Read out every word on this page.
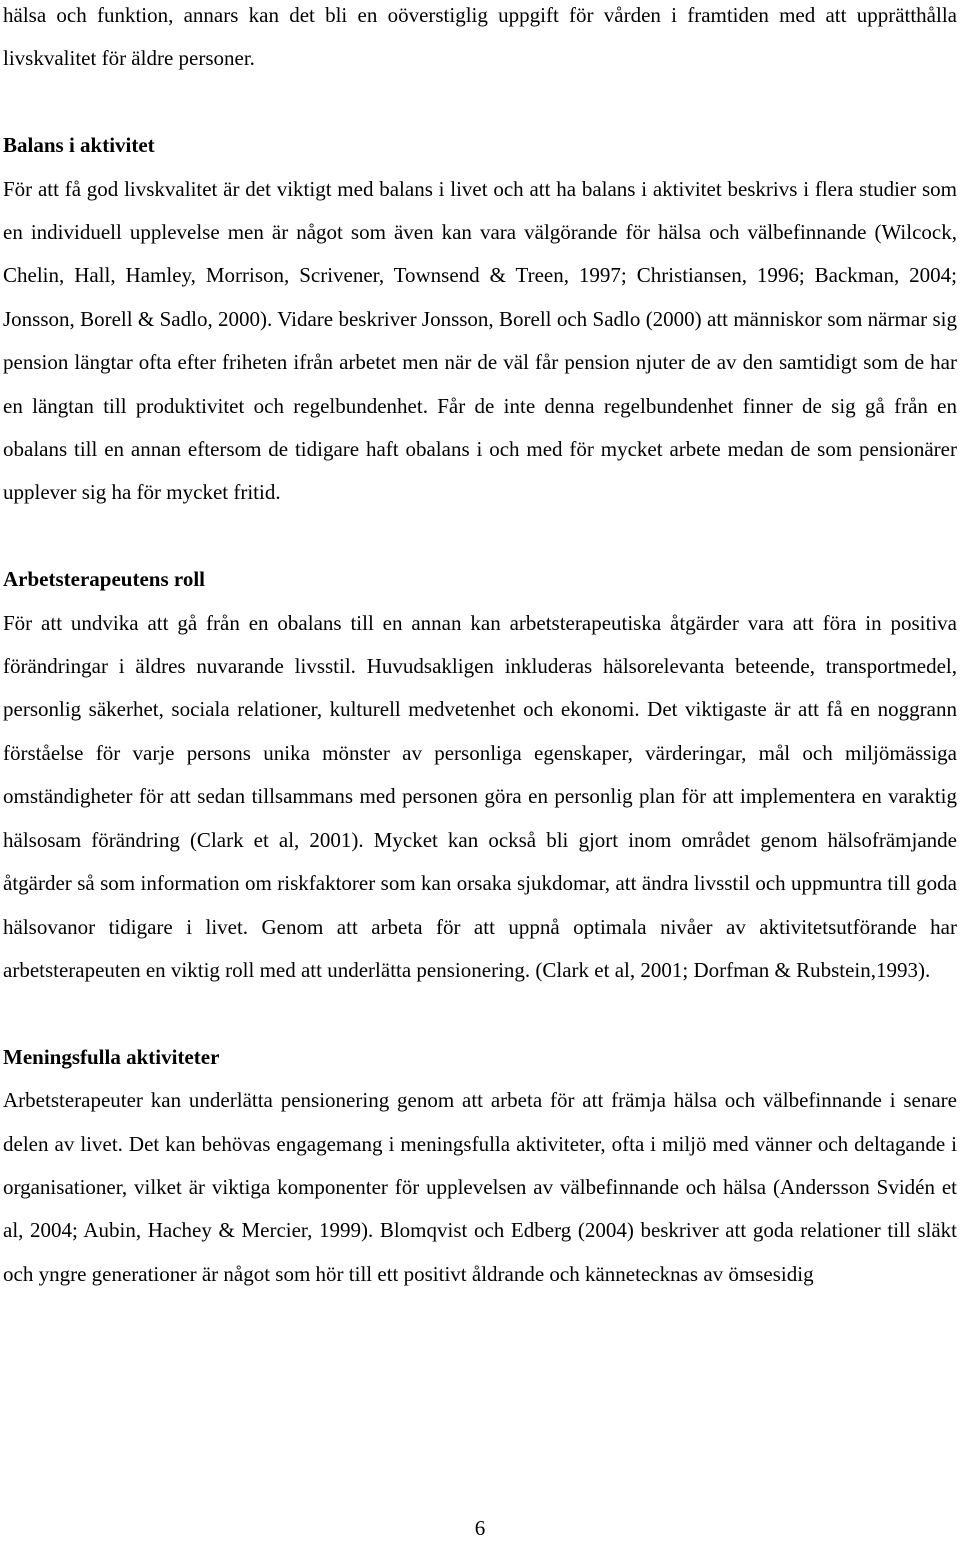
hälsa och funktion, annars kan det bli en oöverstiglig uppgift för vården i framtiden med att upprätthålla livskvalitet för äldre personer.

Balans i aktivitet

För att få god livskvalitet är det viktigt med balans i livet och att ha balans i aktivitet beskrivs i flera studier som en individuell upplevelse men är något som även kan vara välgörande för hälsa och välbefinnande (Wilcock, Chelin, Hall, Hamley, Morrison, Scrivener, Townsend & Treen, 1997; Christiansen, 1996; Backman, 2004; Jonsson, Borell & Sadlo, 2000). Vidare beskriver Jonsson, Borell och Sadlo (2000) att människor som närmar sig pension längtar ofta efter friheten ifrån arbetet men när de väl får pension njuter de av den samtidigt som de har en längtan till produktivitet och regelbundenhet. Får de inte denna regelbundenhet finner de sig gå från en obalans till en annan eftersom de tidigare haft obalans i och med för mycket arbete medan de som pensionärer upplever sig ha för mycket fritid.

Arbetsterapeutens roll

För att undvika att gå från en obalans till en annan kan arbetsterapeutiska åtgärder vara att föra in positiva förändringar i äldres nuvarande livsstil. Huvudsakligen inkluderas hälsorelevanta beteende, transportmedel, personlig säkerhet, sociala relationer, kulturell medvetenhet och ekonomi. Det viktigaste är att få en noggrann förståelse för varje persons unika mönster av personliga egenskaper, värderingar, mål och miljömässiga omständigheter för att sedan tillsammans med personen göra en personlig plan för att implementera en varaktig hälsosam förändring (Clark et al, 2001). Mycket kan också bli gjort inom området genom hälsofrämjande åtgärder så som information om riskfaktorer som kan orsaka sjukdomar, att ändra livsstil och uppmuntra till goda hälsovanor tidigare i livet. Genom att arbeta för att uppnå optimala nivåer av aktivitetsutförande har arbetsterapeuten en viktig roll med att underlätta pensionering. (Clark et al, 2001; Dorfman & Rubstein,1993).

Meningsfulla aktiviteter

Arbetsterapeuter kan underlätta pensionering genom att arbeta för att främja hälsa och välbefinnande i senare delen av livet. Det kan behövas engagemang i meningsfulla aktiviteter, ofta i miljö med vänner och deltagande i organisationer, vilket är viktiga komponenter för upplevelsen av välbefinnande och hälsa (Andersson Svidén et al, 2004; Aubin, Hachey & Mercier, 1999). Blomqvist och Edberg (2004) beskriver att goda relationer till släkt och yngre generationer är något som hör till ett positivt åldrande och kännetecknas av ömsesidig

6
